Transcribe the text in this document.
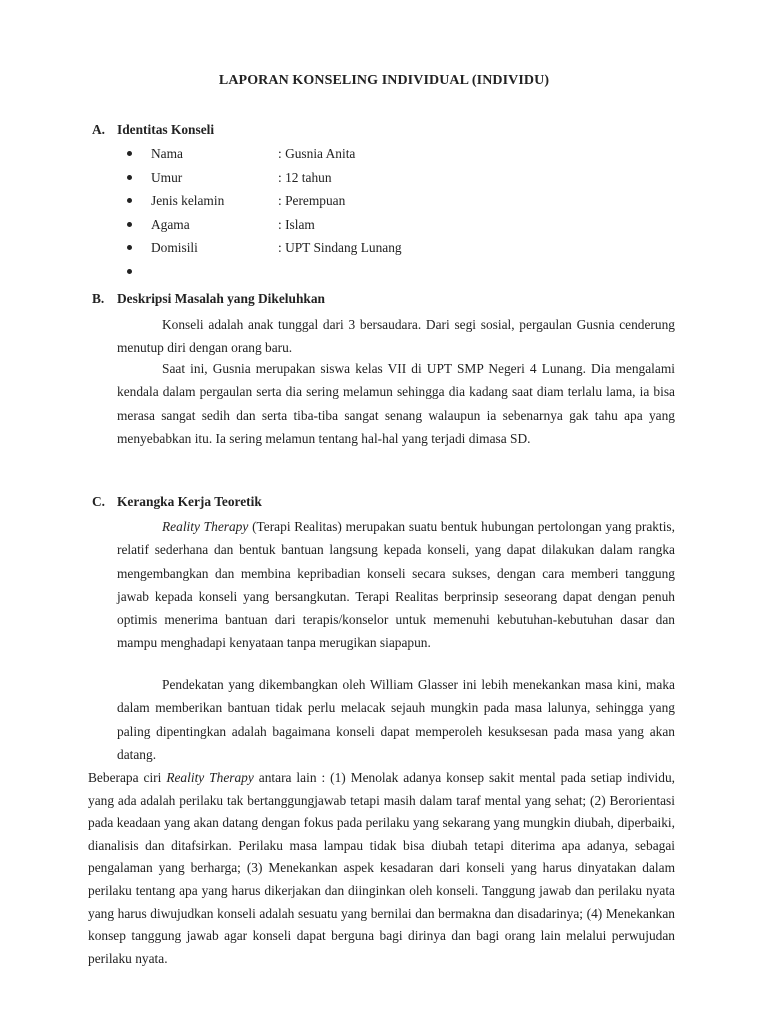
LAPORAN KONSELING INDIVIDUAL (INDIVIDU)
A. Identitas Konseli
Nama	: Gusnia Anita
Umur	: 12 tahun
Jenis kelamin	: Perempuan
Agama	: Islam
Domisili	: UPT Sindang Lunang
B. Deskripsi Masalah yang Dikeluhkan

Konseli adalah anak tunggal dari 3 bersaudara. Dari segi sosial, pergaulan Gusnia cenderung menutup diri dengan orang baru.

Saat ini, Gusnia merupakan siswa kelas VII di UPT SMP Negeri 4 Lunang. Dia mengalami kendala dalam pergaulan serta dia sering melamun sehingga dia kadang saat diam terlalu lama, ia bisa merasa sangat sedih dan serta tiba-tiba sangat senang walaupun ia sebenarnya gak tahu apa yang menyebabkan itu. Ia sering melamun tentang hal-hal yang terjadi dimasa SD.

C. Kerangka Kerja Teoretik

Reality Therapy (Terapi Realitas) merupakan suatu bentuk hubungan pertolongan yang praktis, relatif sederhana dan bentuk bantuan langsung kepada konseli, yang dapat dilakukan dalam rangka mengembangkan dan membina kepribadian konseli secara sukses, dengan cara memberi tanggung jawab kepada konseli yang bersangkutan. Terapi Realitas berprinsip seseorang dapat dengan penuh optimis menerima bantuan dari terapis/konselor untuk memenuhi kebutuhan-kebutuhan dasar dan mampu menghadapi kenyataan tanpa merugikan siapapun.

Pendekatan yang dikembangkan oleh William Glasser ini lebih menekankan masa kini, maka dalam memberikan bantuan tidak perlu melacak sejauh mungkin pada masa lalunya, sehingga yang paling dipentingkan adalah bagaimana konseli dapat memperoleh kesuksesan pada masa yang akan datang.

Beberapa ciri Reality Therapy antara lain : (1) Menolak adanya konsep sakit mental pada setiap individu, yang ada adalah perilaku tak bertanggungjawab tetapi masih dalam taraf mental yang sehat; (2) Berorientasi pada keadaan yang akan datang dengan fokus pada perilaku yang sekarang yang mungkin diubah, diperbaiki, dianalisis dan ditafsirkan. Perilaku masa lampau tidak bisa diubah tetapi diterima apa adanya, sebagai pengalaman yang berharga; (3) Menekankan aspek kesadaran dari konseli yang harus dinyatakan dalam perilaku tentang apa yang harus dikerjakan dan diinginkan oleh konseli. Tanggung jawab dan perilaku nyata yang harus diwujudkan konseli adalah sesuatu yang bernilai dan bermakna dan disadarinya; (4) Menekankan konsep tanggung jawab agar konseli dapat berguna bagi dirinya dan bagi orang lain melalui perwujudan perilaku nyata.
